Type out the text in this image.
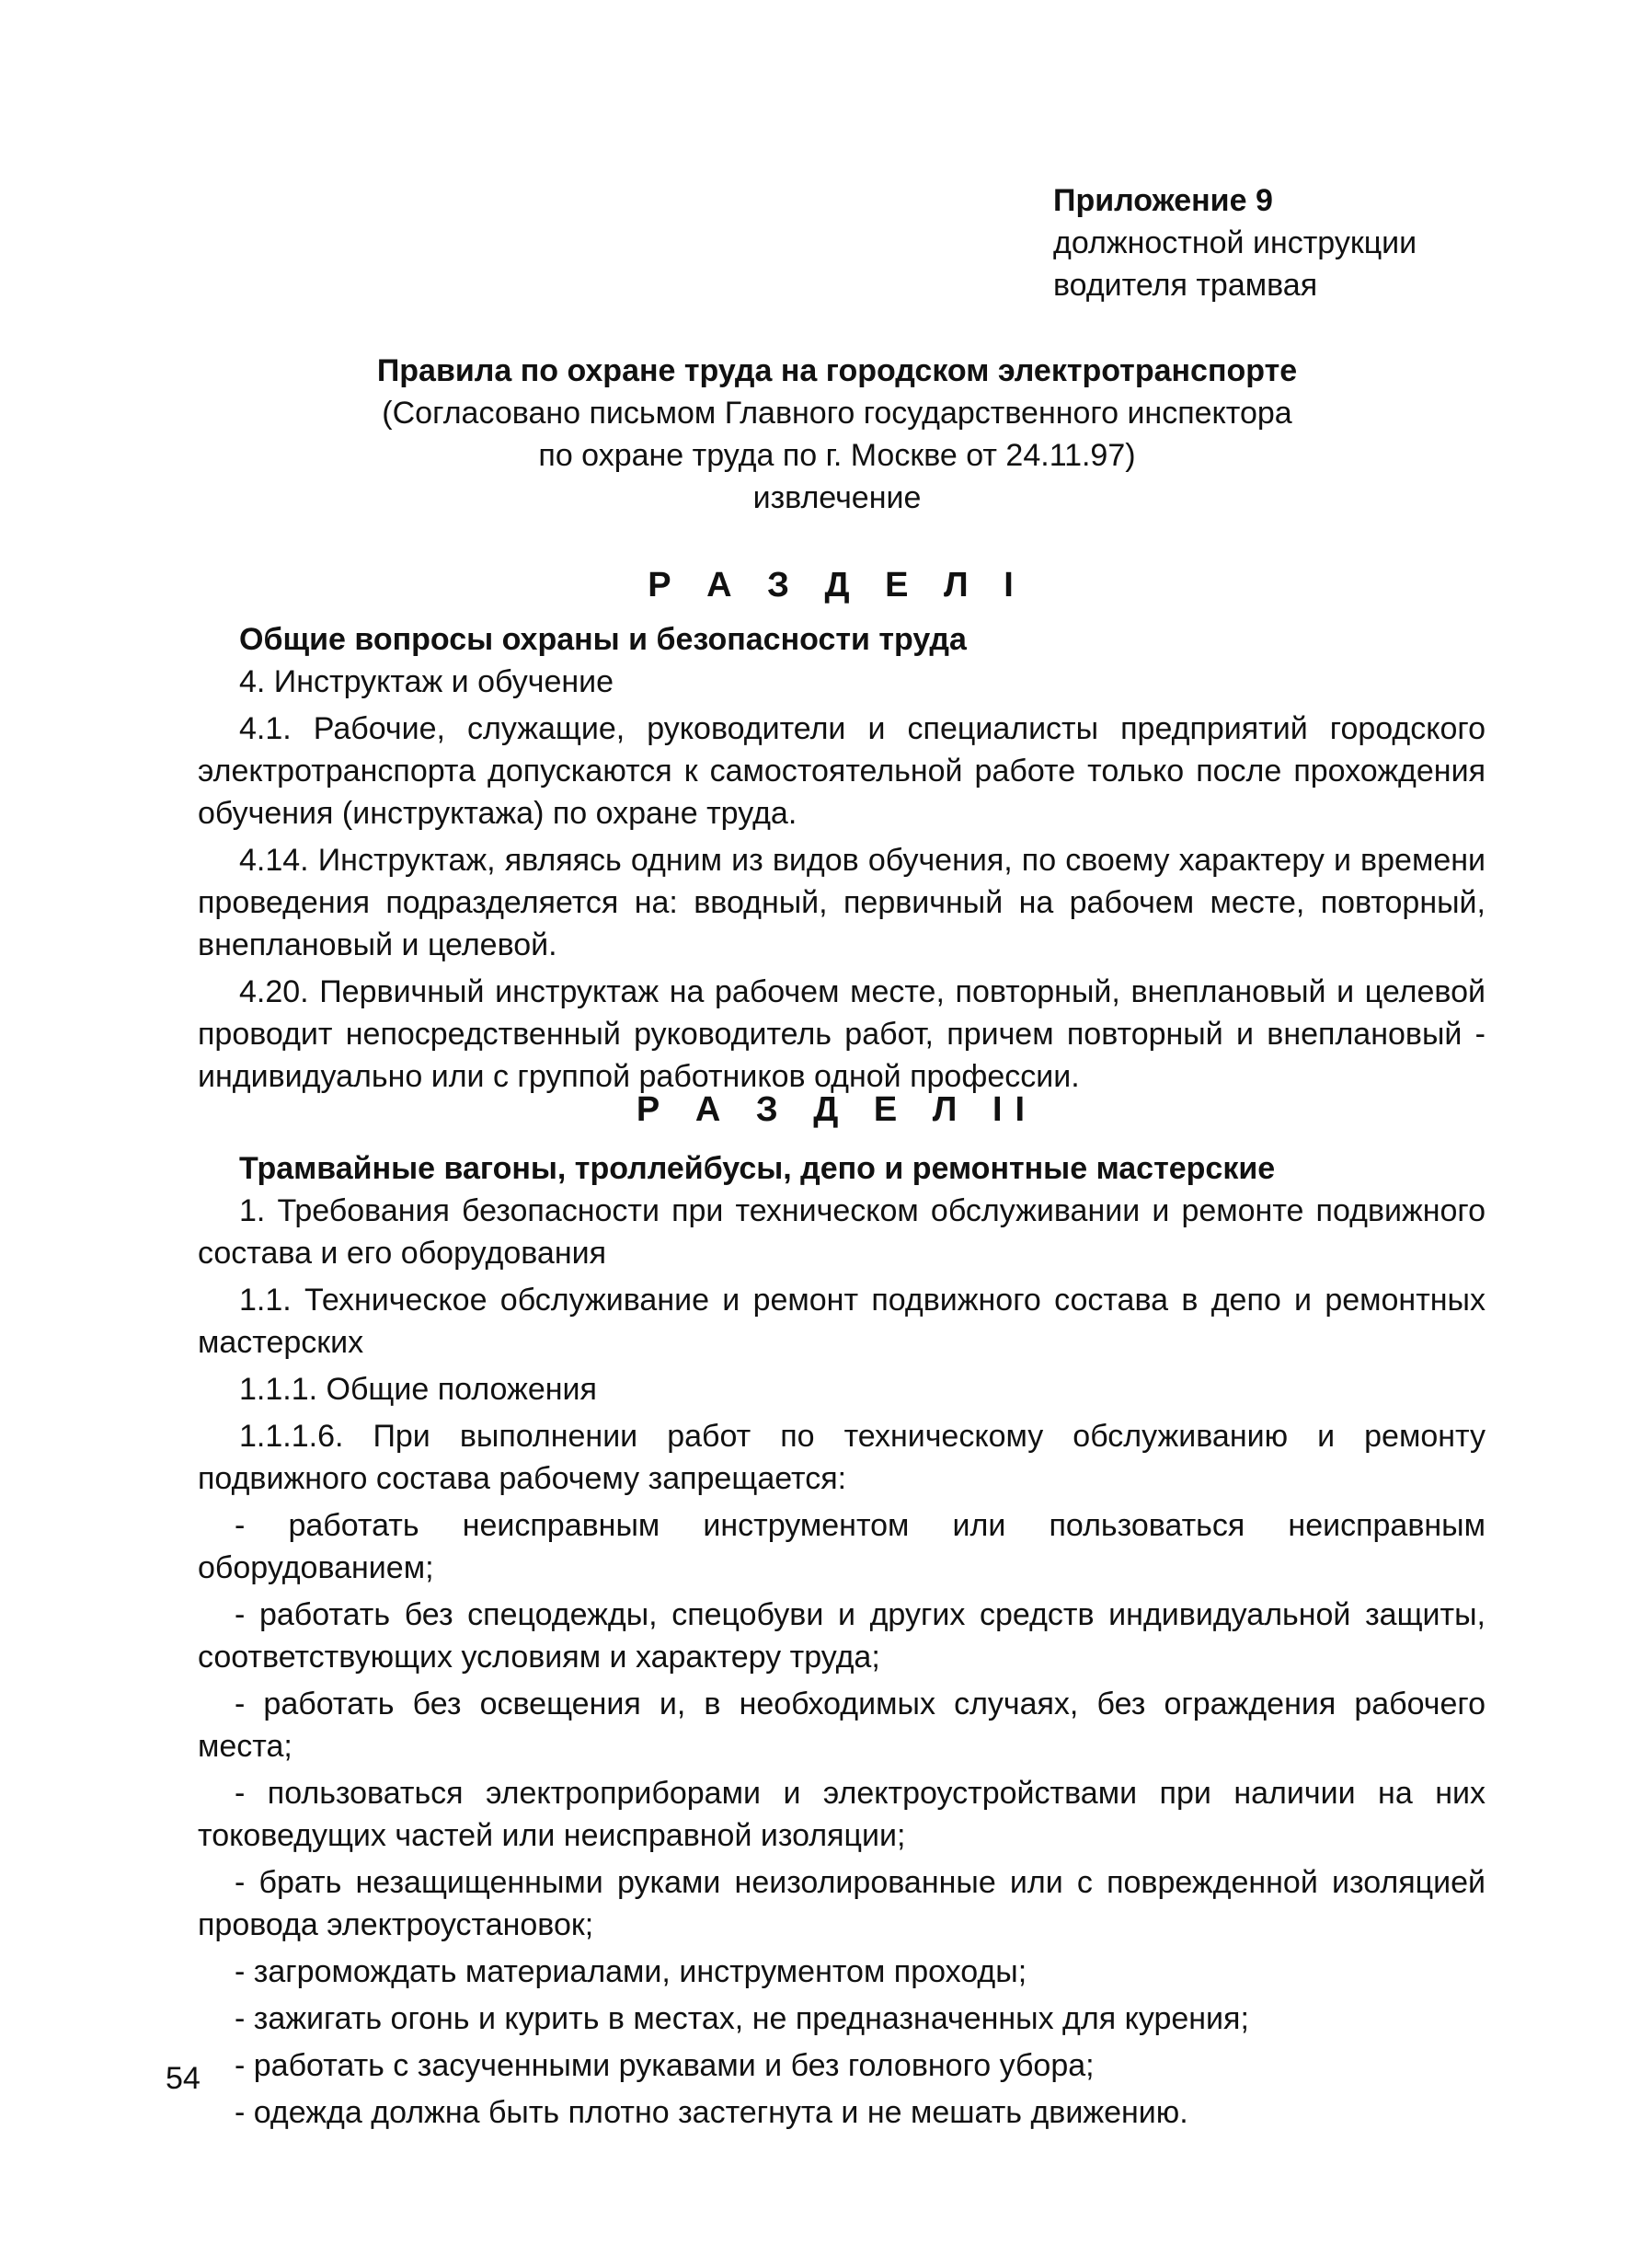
Приложение 9
должностной инструкции
водителя трамвая
Правила по охране труда на городском электротранспорте
(Согласовано письмом Главного государственного инспектора
по охране труда по г. Москве от 24.11.97)
извлечение
Р А З Д Е Л I

Общие вопросы охраны и безопасности труда

4. Инструктаж и обучение

4.1. Рабочие, служащие, руководители и специалисты предприятий городского электротранспорта допускаются к самостоятельной работе только после прохождения обучения (инструктажа) по охране труда.

4.14. Инструктаж, являясь одним из видов обучения, по своему характеру и времени проведения подразделяется на: вводный, первичный на рабочем месте, повторный, внеплановый и целевой.

4.20. Первичный инструктаж на рабочем месте, повторный, внеплановый и целевой проводит непосредственный руководитель работ, причем повторный и внеплановый - индивидуально или с группой работников одной профессии.

Р А З Д Е Л II

Трамвайные вагоны, троллейбусы, депо и ремонтные мастерские

1. Требования безопасности при техническом обслуживании и ремонте подвижного состава и его оборудования

1.1. Техническое обслуживание и ремонт подвижного состава в депо и ремонтных мастерских

1.1.1. Общие положения

1.1.1.6. При выполнении работ по техническому обслуживанию и ремонту подвижного состава рабочему запрещается:

- работать неисправным инструментом или пользоваться неисправным оборудованием;

- работать без спецодежды, спецобуви и других средств индивидуальной защиты, соответствующих условиям и характеру труда;

- работать без освещения и, в необходимых случаях, без ограждения рабочего места;

- пользоваться электроприборами и электроустройствами при наличии на них токоведущих частей или неисправной изоляции;

- брать незащищенными руками неизолированные или с поврежденной изоляцией провода электроустановок;

- загромождать материалами, инструментом проходы;

- зажигать огонь и курить в местах, не предназначенных для курения;

- работать с засученными рукавами и без головного убора;

- одежда должна быть плотно застегнута и не мешать движению.

54
